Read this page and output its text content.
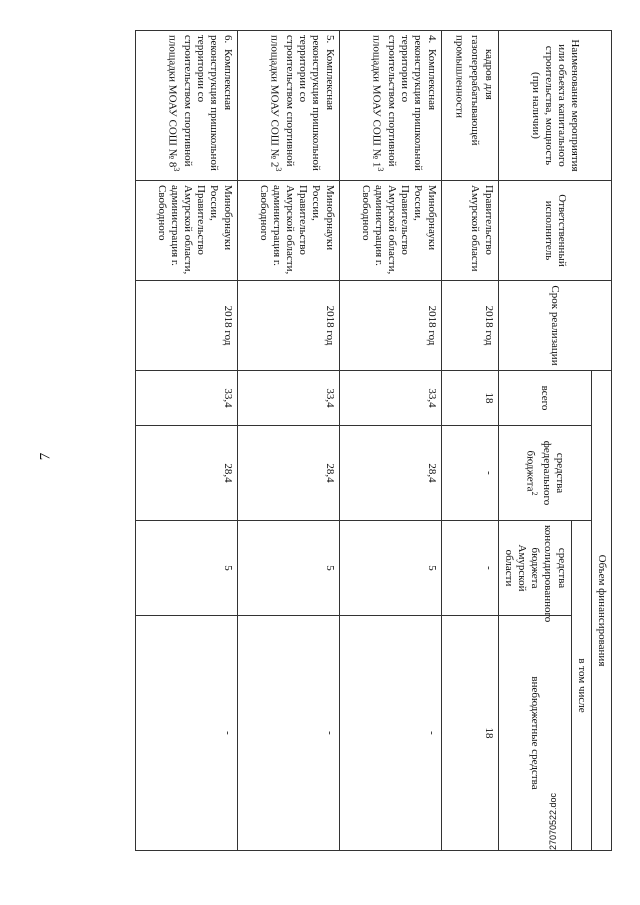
7
Наименование мероприятия или объекта капитального строительства, мощность (при наличии)	Ответственный исполнитель	Срок реализации	Объем финансирования			
			всего	средства федерального бюджета$^2$	в том числе	
					средства консолидированного бюджета Амурской области	внебюджетные средства
кадров для газоперерабатывающей промышленности	Правительство Амурской области	2018 год	18	-	-	18
4.Комплексная реконструкция пришкольной территории со строительством спортивной площадки МОАУ СОШ № $1^3$	Минобрнауки России, Правительство Амурской области, администрация г. Свободного	2018 год	33,4	28,4	5	-
5.Комплексная реконструкция пришкольной территории со строительством спортивной площадки МОАУ СОШ № $2^3$	Минобрнауки России, Правительство Амурской области, администрация г. Свободного	2018 год	33,4	28,4	5	-
6.Комплексная реконструкция пришкольной территории со строительством спортивной площадки МОАУ СОШ № $8^3$	Минобрнауки России, Правительство Амурской области, администрация г. Свободного	2018 год	33,4	28,4	5	-
27070522.doc
